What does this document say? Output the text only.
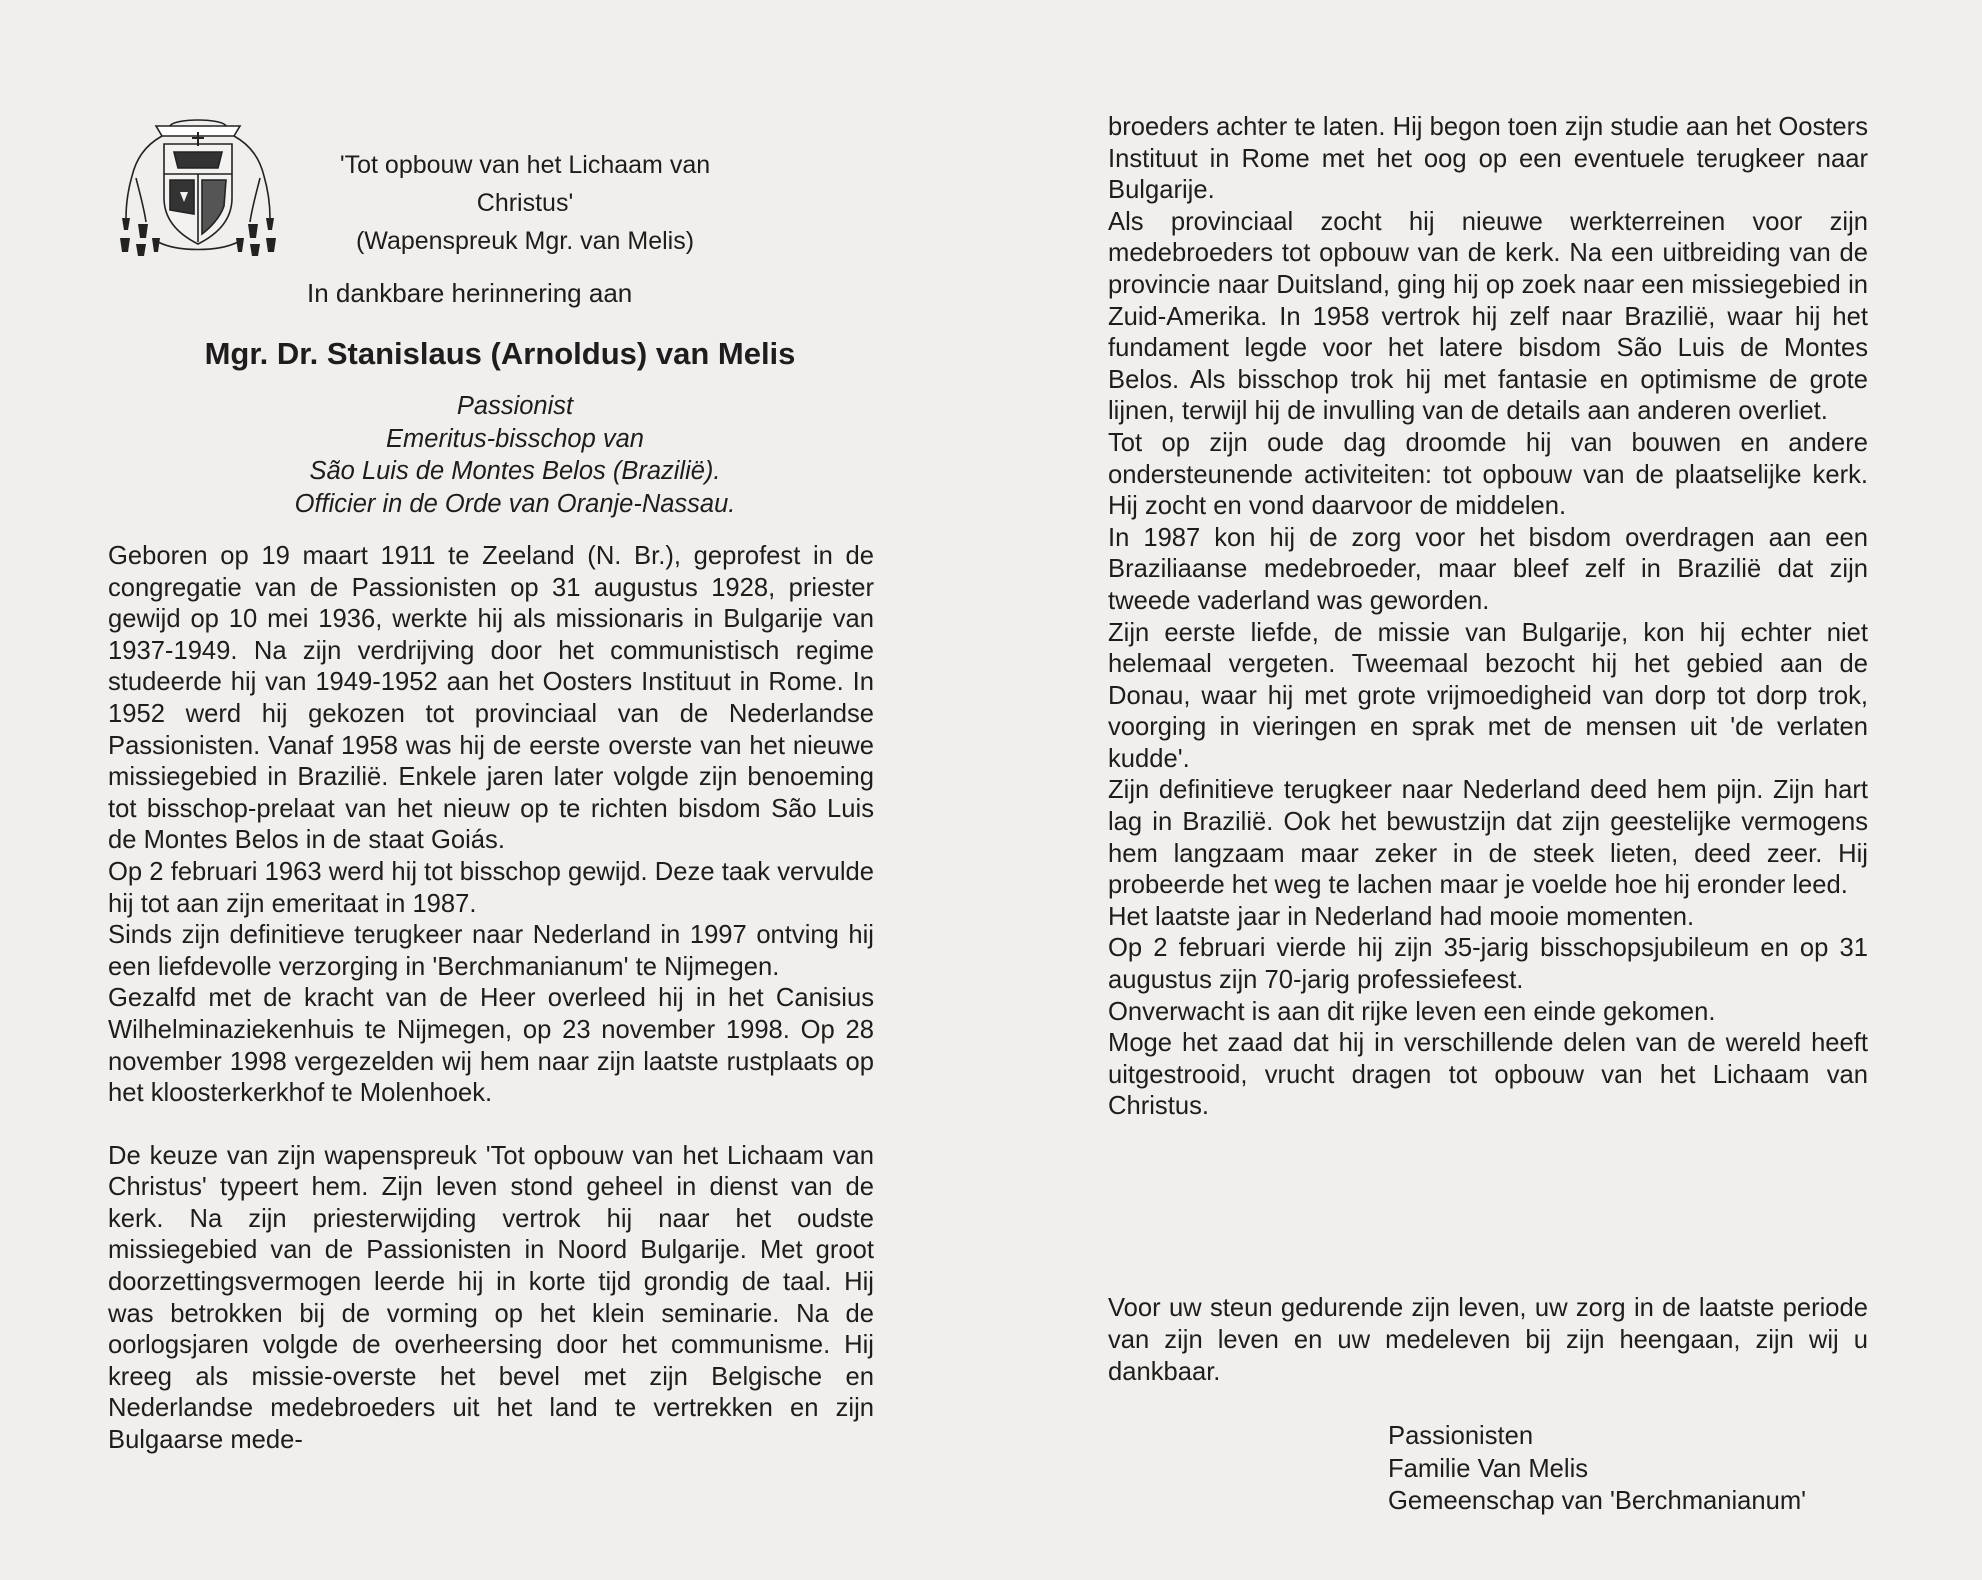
'Tot opbouw van het Lichaam van Christus'
(Wapenspreuk Mgr. van Melis)
In dankbare herinnering aan
Mgr. Dr. Stanislaus (Arnoldus) van Melis
Passionist
Emeritus-bisschop van
São Luis de Montes Belos (Brazilië).
Officier in de Orde van Oranje-Nassau.

Geboren op 19 maart 1911 te Zeeland (N. Br.), geprofest in de congregatie van de Passionisten op 31 augustus 1928, priester gewijd op 10 mei 1936, werkte hij als missionaris in Bulgarije van 1937-1949. Na zijn verdrijving door het communistisch regime studeerde hij van 1949-1952 aan het Oosters Instituut in Rome. In 1952 werd hij gekozen tot provinciaal van de Nederlandse Passionisten. Vanaf 1958 was hij de eerste overste van het nieuwe missiegebied in Brazilië. Enkele jaren later volgde zijn benoeming tot bisschop-prelaat van het nieuw op te richten bisdom São Luis de Montes Belos in de staat Goiás.

Op 2 februari 1963 werd hij tot bisschop gewijd. Deze taak vervulde hij tot aan zijn emeritaat in 1987.

Sinds zijn definitieve terugkeer naar Nederland in 1997 ontving hij een liefdevolle verzorging in 'Berchmanianum' te Nijmegen.

Gezalfd met de kracht van de Heer overleed hij in het Canisius Wilhelminaziekenhuis te Nijmegen, op 23 november 1998. Op 28 november 1998 vergezelden wij hem naar zijn laatste rustplaats op het kloosterkerkhof te Molenhoek.

De keuze van zijn wapenspreuk 'Tot opbouw van het Lichaam van Christus' typeert hem. Zijn leven stond geheel in dienst van de kerk. Na zijn priesterwijding vertrok hij naar het oudste missiegebied van de Passionisten in Noord Bulgarije. Met groot doorzettingsvermogen leerde hij in korte tijd grondig de taal. Hij was betrokken bij de vorming op het klein seminarie. Na de oorlogsjaren volgde de overheersing door het communisme. Hij kreeg als missie-overste het bevel met zijn Belgische en Nederlandse medebroeders uit het land te vertrekken en zijn Bulgaarse mede-

broeders achter te laten. Hij begon toen zijn studie aan het Oosters Instituut in Rome met het oog op een eventuele terugkeer naar Bulgarije.

Als provinciaal zocht hij nieuwe werkterreinen voor zijn medebroeders tot opbouw van de kerk. Na een uitbreiding van de provincie naar Duitsland, ging hij op zoek naar een missiegebied in Zuid-Amerika. In 1958 vertrok hij zelf naar Brazilië, waar hij het fundament legde voor het latere bisdom São Luis de Montes Belos. Als bisschop trok hij met fantasie en optimisme de grote lijnen, terwijl hij de invulling van de details aan anderen overliet.

Tot op zijn oude dag droomde hij van bouwen en andere ondersteunende activiteiten: tot opbouw van de plaatselijke kerk. Hij zocht en vond daarvoor de middelen.

In 1987 kon hij de zorg voor het bisdom overdragen aan een Braziliaanse medebroeder, maar bleef zelf in Brazilië dat zijn tweede vaderland was geworden.

Zijn eerste liefde, de missie van Bulgarije, kon hij echter niet helemaal vergeten. Tweemaal bezocht hij het gebied aan de Donau, waar hij met grote vrijmoedigheid van dorp tot dorp trok, voorging in vieringen en sprak met de mensen uit 'de verlaten kudde'.

Zijn definitieve terugkeer naar Nederland deed hem pijn. Zijn hart lag in Brazilië. Ook het bewustzijn dat zijn geestelijke vermogens hem langzaam maar zeker in de steek lieten, deed zeer. Hij probeerde het weg te lachen maar je voelde hoe hij eronder leed.

Het laatste jaar in Nederland had mooie momenten.

Op 2 februari vierde hij zijn 35-jarig bisschopsjubileum en op 31 augustus zijn 70-jarig professiefeest.

Onverwacht is aan dit rijke leven een einde gekomen.

Moge het zaad dat hij in verschillende delen van de wereld heeft uitgestrooid, vrucht dragen tot opbouw van het Lichaam van Christus.

Voor uw steun gedurende zijn leven, uw zorg in de laatste periode van zijn leven en uw medeleven bij zijn heengaan, zijn wij u dankbaar.
Passionisten
Familie Van Melis
Gemeenschap van 'Berchmanianum'
